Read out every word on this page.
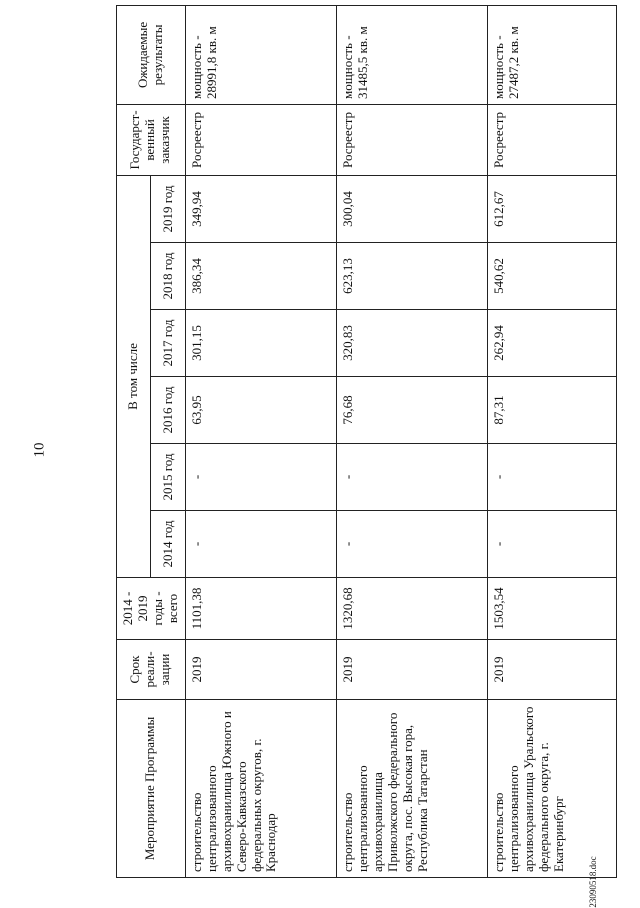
10
23090518.doc
Мероприятие Программы	Срок реали-зации	2014 - 2019 годы - всего	В том числе						Государст-венный заказчик	Ожидаемые результаты
			2014 год	2015 год	2016 год	2017 год	2018 год	2019 год		
строительство централизованного архивохранилища Южного и Северо-Кавказского федеральных округов, г. Краснодар	2019	1101,38	-	-	63,95	301,15	386,34	349,94	Росреестр	мощность - 28991,8 кв. м
строительство централизованного архивохранилища Приволжского федерального округа, пос. Высокая гора, Республика Татарстан	2019	1320,68	-	-	76,68	320,83	623,13	300,04	Росреестр	мощность - 31485,5 кв. м
строительство централизованного архивохранилища Уральского федерального округа, г. Екатеринбург	2019	1503,54	-	-	87,31	262,94	540,62	612,67	Росреестр	мощность - 27487,2 кв. м
